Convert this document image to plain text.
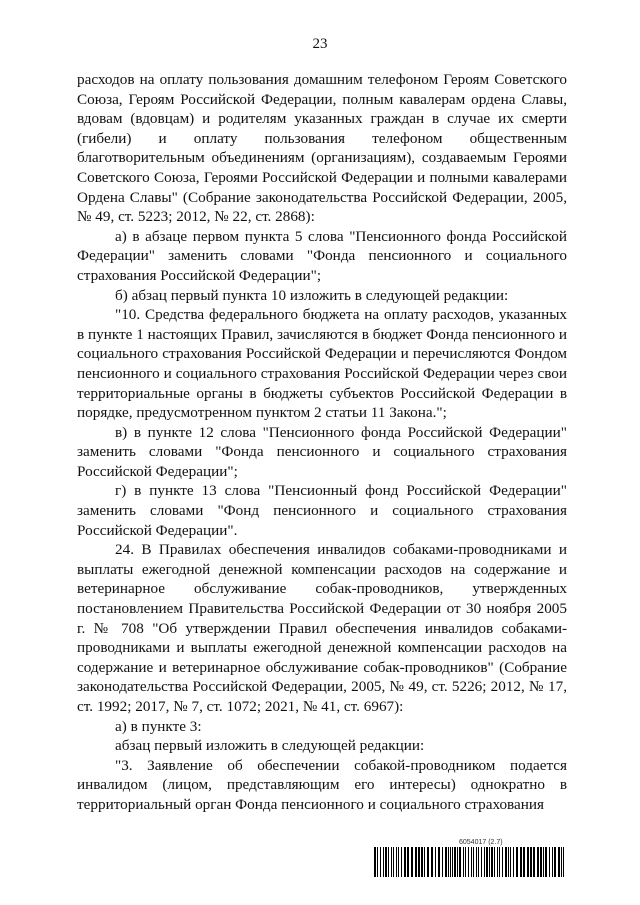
23

расходов на оплату пользования домашним телефоном Героям Советского Союза, Героям Российской Федерации, полным кавалерам ордена Славы, вдовам (вдовцам) и родителям указанных граждан в случае их смерти (гибели) и оплату пользования телефоном общественным благотворительным объединениям (организациям), создаваемым Героями Советского Союза, Героями Российской Федерации и полными кавалерами Ордена Славы" (Собрание законодательства Российской Федерации, 2005, № 49, ст. 5223; 2012, № 22, ст. 2868):

а) в абзаце первом пункта 5 слова "Пенсионного фонда Российской Федерации" заменить словами "Фонда пенсионного и социального страхования Российской Федерации";

б) абзац первый пункта 10 изложить в следующей редакции:

"10. Средства федерального бюджета на оплату расходов, указанных в пункте 1 настоящих Правил, зачисляются в бюджет Фонда пенсионного и социального страхования Российской Федерации и перечисляются Фондом пенсионного и социального страхования Российской Федерации через свои территориальные органы в бюджеты субъектов Российской Федерации в порядке, предусмотренном пунктом 2 статьи 11 Закона.";

в) в пункте 12 слова "Пенсионного фонда Российской Федерации" заменить словами "Фонда пенсионного и социального страхования Российской Федерации";

г) в пункте 13 слова "Пенсионный фонд Российской Федерации" заменить словами "Фонд пенсионного и социального страхования Российской Федерации".

24. В Правилах обеспечения инвалидов собаками-проводниками и выплаты ежегодной денежной компенсации расходов на содержание и ветеринарное обслуживание собак-проводников, утвержденных постановлением Правительства Российской Федерации от 30 ноября 2005 г. № 708 "Об утверждении Правил обеспечения инвалидов собаками-проводниками и выплаты ежегодной денежной компенсации расходов на содержание и ветеринарное обслуживание собак-проводников" (Собрание законодательства Российской Федерации, 2005, № 49, ст. 5226; 2012, № 17, ст. 1992; 2017, № 7, ст. 1072; 2021, № 41, ст. 6967):

а) в пункте 3:

абзац первый изложить в следующей редакции:

"3. Заявление об обеспечении собакой-проводником подается инвалидом (лицом, представляющим его интересы) однократно в территориальный орган Фонда пенсионного и социального страхования

6054017 (2.7)
